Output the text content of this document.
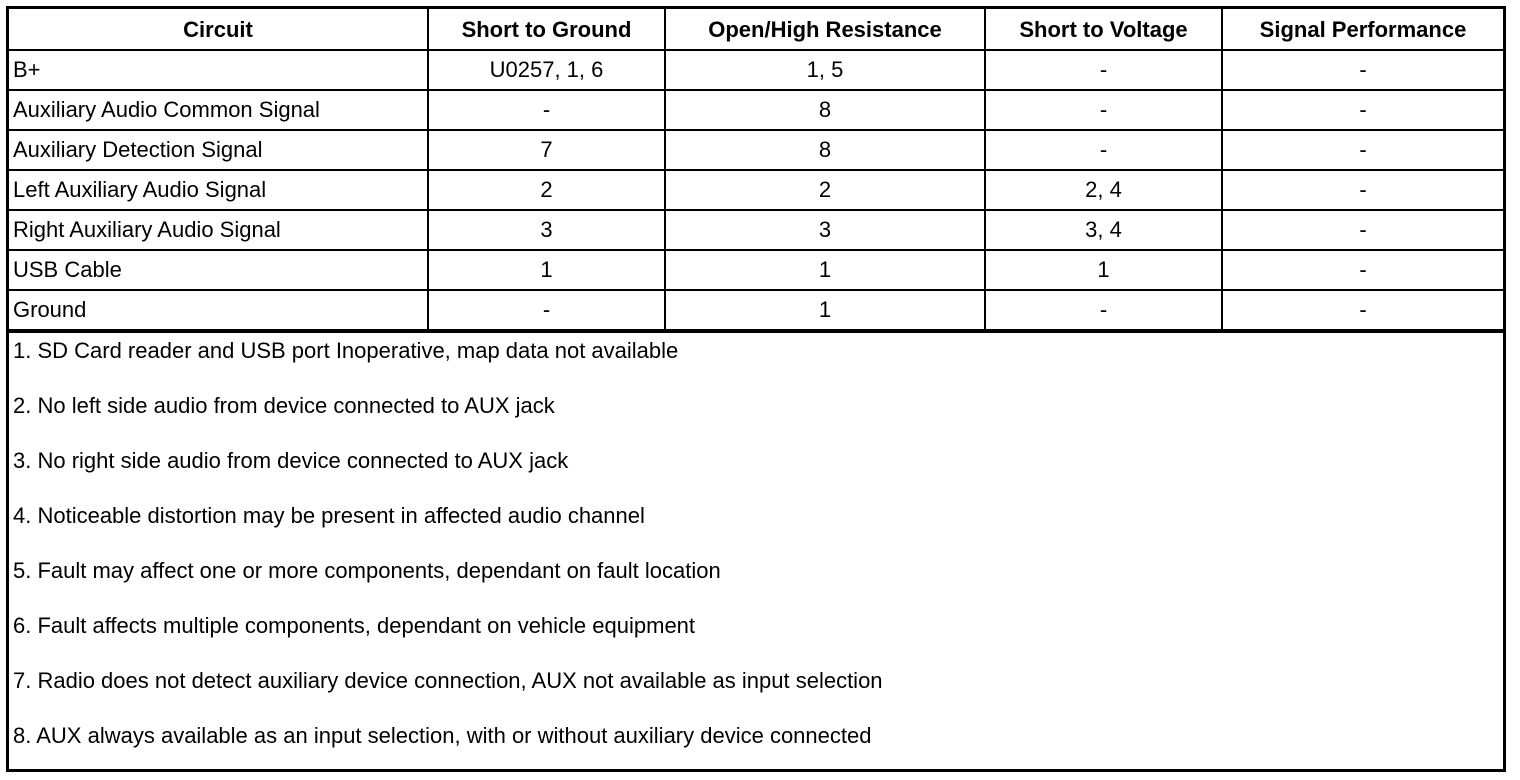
Circuit	Short to Ground	Open/High Resistance	Short to Voltage	Signal Performance
B+	U0257, 1, 6	1, 5	-	-
Auxiliary Audio Common Signal	-	8	-	-
Auxiliary Detection Signal	7	8	-	-
Left Auxiliary Audio Signal	2	2	2, 4	-
Right Auxiliary Audio Signal	3	3	3, 4	-
USB Cable	1	1	1	-
Ground	-	1	-	-
1. SD Card reader and USB port Inoperative, map data not available
2. No left side audio from device connected to AUX jack
3. No right side audio from device connected to AUX jack
4. Noticeable distortion may be present in affected audio channel
5. Fault may affect one or more components, dependant on fault location
6. Fault affects multiple components, dependant on vehicle equipment
7. Radio does not detect auxiliary device connection, AUX not available as input selection
8. AUX always available as an input selection, with or without auxiliary device connected
